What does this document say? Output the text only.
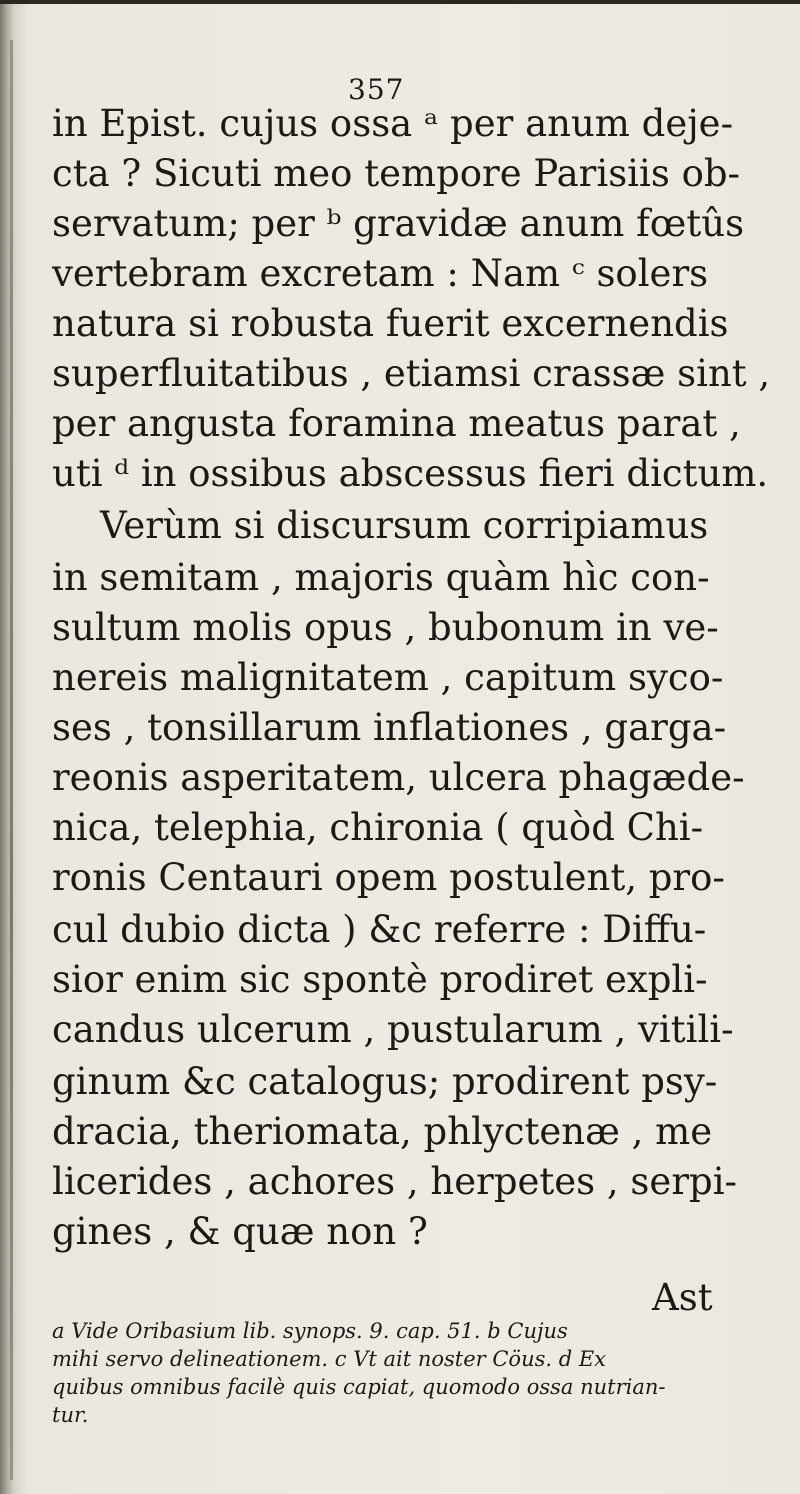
357
in Epist. cujus ossa ᵃ per anum deje-
cta ? Sicuti meo tempore Parisiis ob-
servatum; per ᵇ gravidæ anum fœtûs
vertebram excretam : Nam ᶜ solers
natura si robusta fuerit excernendis
superfluitatibus , etiamsi crassæ sint ,
per angusta foramina meatus parat ,
uti ᵈ in ossibus abscessus fieri dictum.
Verùm si discursum corripiamus
in semitam , majoris quàm hìc con-
sultum molis opus , bubonum in ve-
nereis malignitatem , capitum syco-
ses , tonsillarum inflationes , garga-
reonis asperitatem, ulcera phagæde-
nica, telephia, chironia ( quòd Chi-
ronis Centauri opem postulent, pro-
cul dubio dicta ) &c referre : Diffu-
sior enim sic spontè prodiret expli-
candus ulcerum , pustularum , vitili-
ginum &c catalogus; prodirent psy-
dracia, theriomata, phlyctenæ , me
licerides , achores , herpetes , serpi-
gines , & quæ non ?
Ast
a Vide Oribasium lib. synops. 9. cap. 51. b Cujus
mihi servo delineationem. c Vt ait noster Cöus. d Ex
quibus omnibus facilè quis capiat, quomodo ossa nutrian-
tur.
